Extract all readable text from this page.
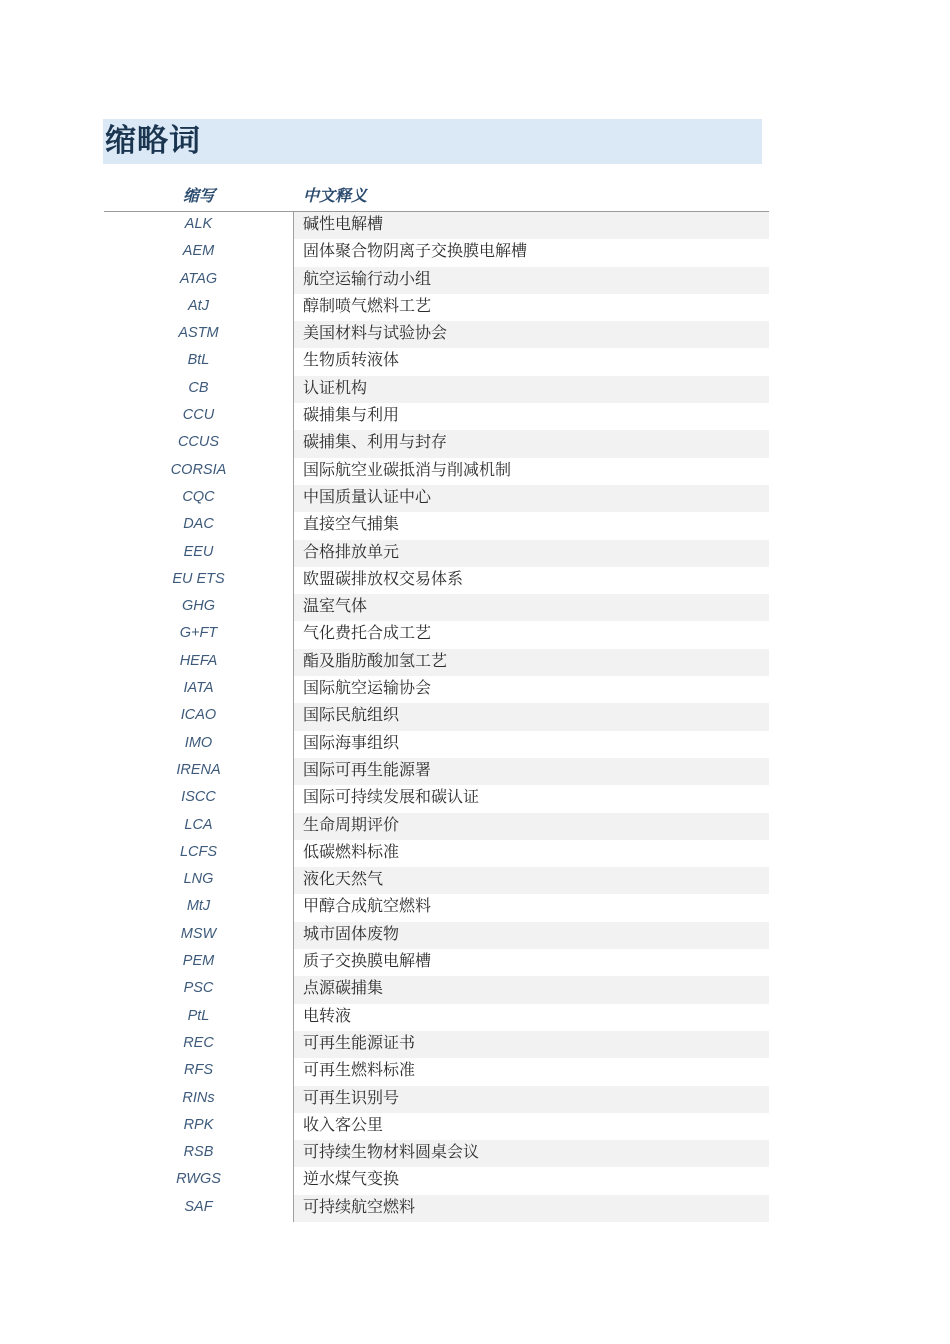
缩略词
缩写	中文释义
ALK	碱性电解槽
AEM	固体聚合物阴离子交换膜电解槽
ATAG	航空运输行动小组
AtJ	醇制喷气燃料工艺
ASTM	美国材料与试验协会
BtL	生物质转液体
CB	认证机构
CCU	碳捕集与利用
CCUS	碳捕集、利用与封存
CORSIA	国际航空业碳抵消与削减机制
CQC	中国质量认证中心
DAC	直接空气捕集
EEU	合格排放单元
EU ETS	欧盟碳排放权交易体系
GHG	温室气体
G+FT	气化费托合成工艺
HEFA	酯及脂肪酸加氢工艺
IATA	国际航空运输协会
ICAO	国际民航组织
IMO	国际海事组织
IRENA	国际可再生能源署
ISCC	国际可持续发展和碳认证
LCA	生命周期评价
LCFS	低碳燃料标准
LNG	液化天然气
MtJ	甲醇合成航空燃料
MSW	城市固体废物
PEM	质子交换膜电解槽
PSC	点源碳捕集
PtL	电转液
REC	可再生能源证书
RFS	可再生燃料标准
RINs	可再生识别号
RPK	收入客公里
RSB	可持续生物材料圆桌会议
RWGS	逆水煤气变换
SAF	可持续航空燃料
